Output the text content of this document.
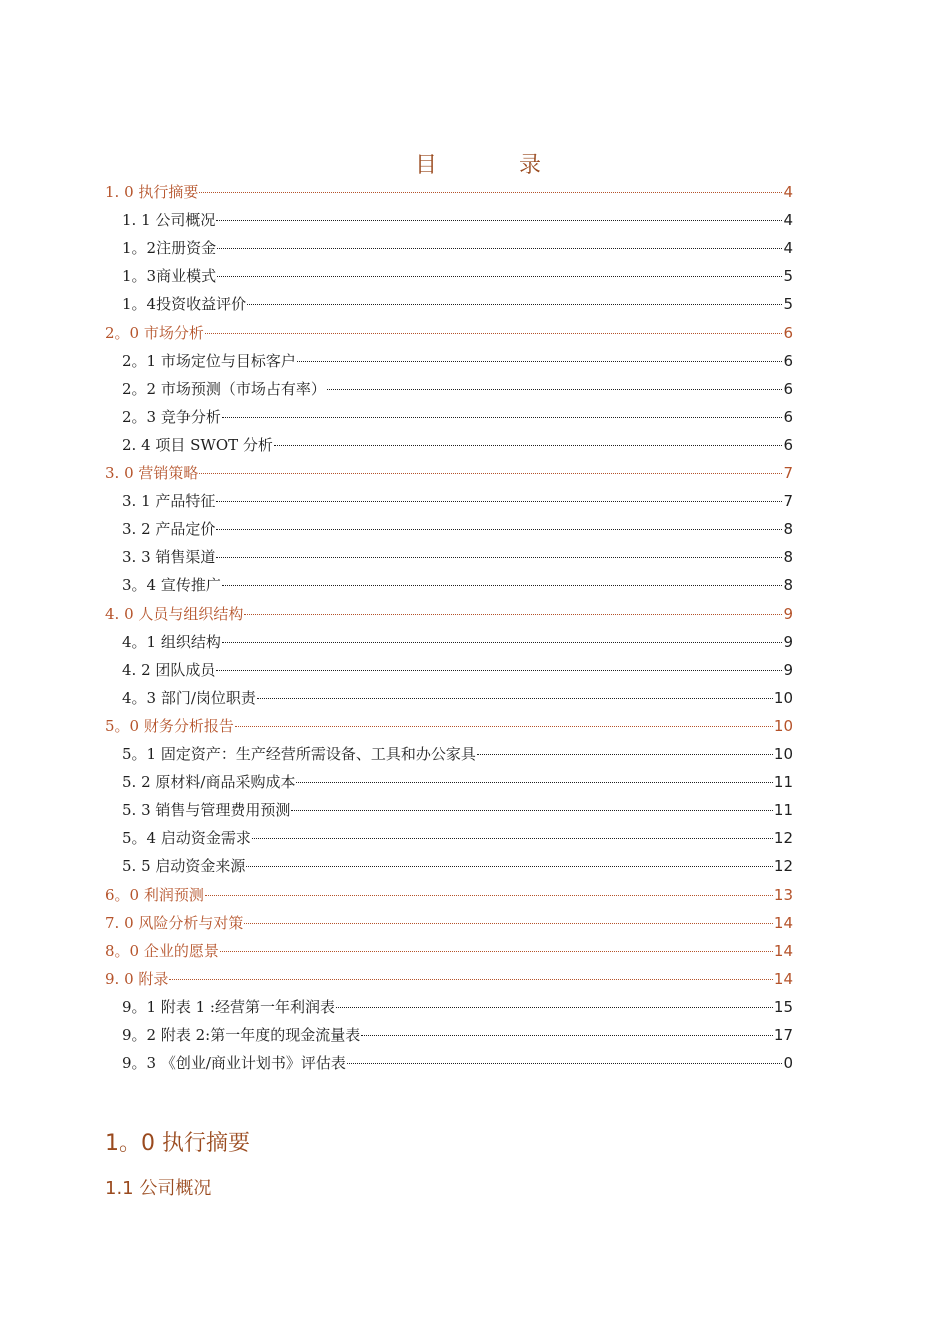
目　录
1. 0 执行摘要	4
1. 1 公司概况	4
1。2注册资金	4
1。3商业模式	5
1。4投资收益评价	5
2。0 市场分析	6
2。1 市场定位与目标客户	6
2。2 市场预测（市场占有率）	6
2。3 竞争分析	6
2. 4 项目 SWOT 分析	6
3. 0 营销策略	7
3. 1 产品特征	7
3. 2 产品定价	8
3. 3 销售渠道	8
3。4 宣传推广	8
4. 0 人员与组织结构	9
4。1 组织结构	9
4. 2 团队成员	9
4。3 部门/岗位职责	10
5。0 财务分析报告	10
5。1 固定资产：生产经营所需设备、工具和办公家具	10
5. 2 原材料/商品采购成本	11
5. 3 销售与管理费用预测	11
5。4 启动资金需求	12
5. 5 启动资金来源	12
6。0 利润预测	13
7. 0 风险分析与对策	14
8。0 企业的愿景	14
9. 0 附录	14
9。1 附表 1 :经营第一年利润表	15
9。2 附表 2:第一年度的现金流量表	17
9。3 《创业/商业计划书》评估表	0
1。0 执行摘要
1.1 公司概况
